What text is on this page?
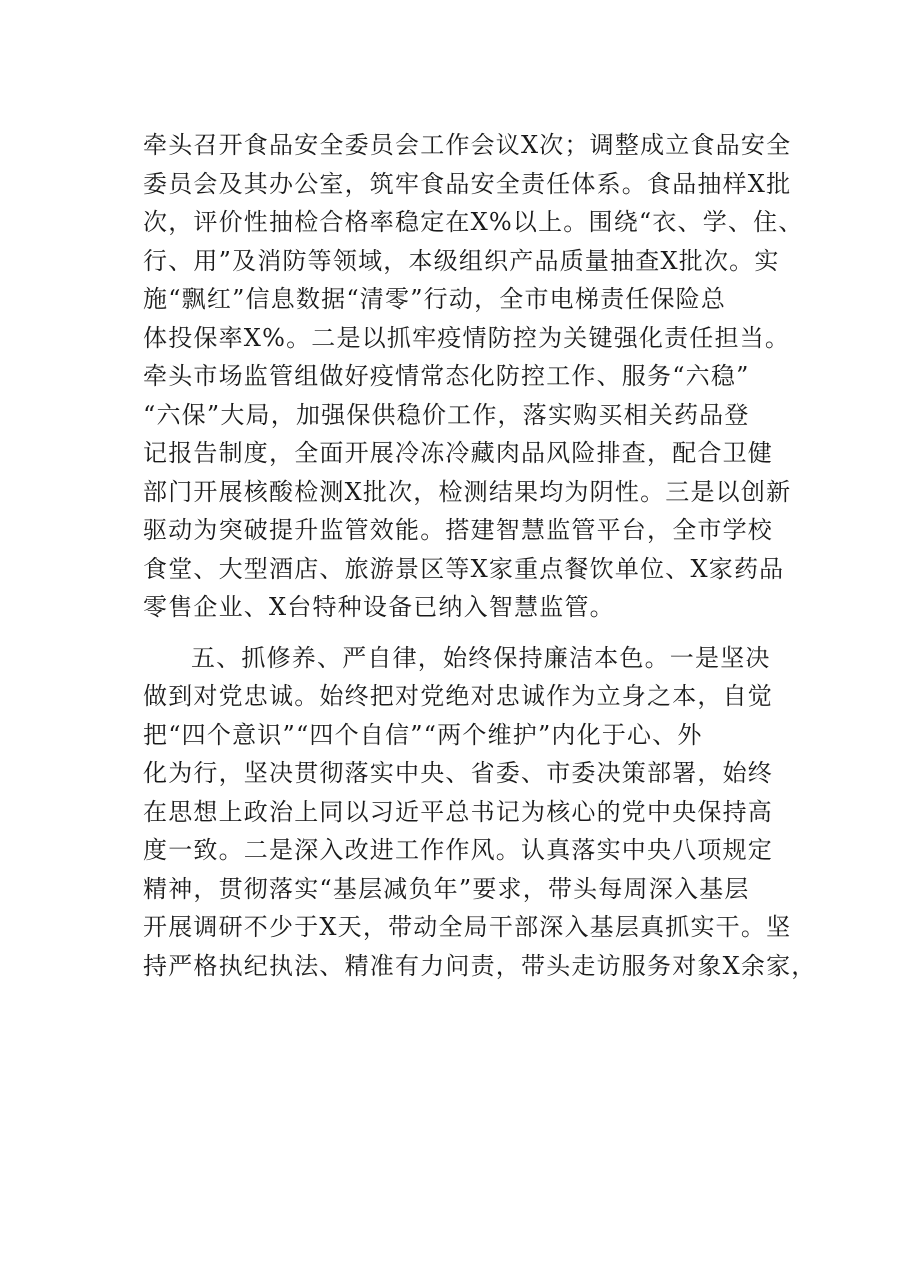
牵头召开食品安全委员会工作会议X次；调整成立食品安全
委员会及其办公室，筑牢食品安全责任体系。食品抽样X批
次，评价性抽检合格率稳定在X%以上。围绕“衣、学、住、
行、用”及消防等领域，本级组织产品质量抽查X批次。实
施“飘红”信息数据“清零”行动，全市电梯责任保险总
体投保率X%。二是以抓牢疫情防控为关键强化责任担当。
牵头市场监管组做好疫情常态化防控工作、服务“六稳”
“六保”大局，加强保供稳价工作，落实购买相关药品登
记报告制度，全面开展冷冻冷藏肉品风险排查，配合卫健
部门开展核酸检测X批次，检测结果均为阴性。三是以创新
驱动为突破提升监管效能。搭建智慧监管平台，全市学校
食堂、大型酒店、旅游景区等X家重点餐饮单位、X家药品
零售企业、X台特种设备已纳入智慧监管。
五、抓修养、严自律，始终保持廉洁本色。一是坚决
做到对党忠诚。始终把对党绝对忠诚作为立身之本，自觉
把“四个意识”“四个自信”“两个维护”内化于心、外
化为行，坚决贯彻落实中央、省委、市委决策部署，始终
在思想上政治上同以习近平总书记为核心的党中央保持高
度一致。二是深入改进工作作风。认真落实中央八项规定
精神，贯彻落实“基层减负年”要求，带头每周深入基层
开展调研不少于X天，带动全局干部深入基层真抓实干。坚
持严格执纪执法、精准有力问责，带头走访服务对象X余家，
